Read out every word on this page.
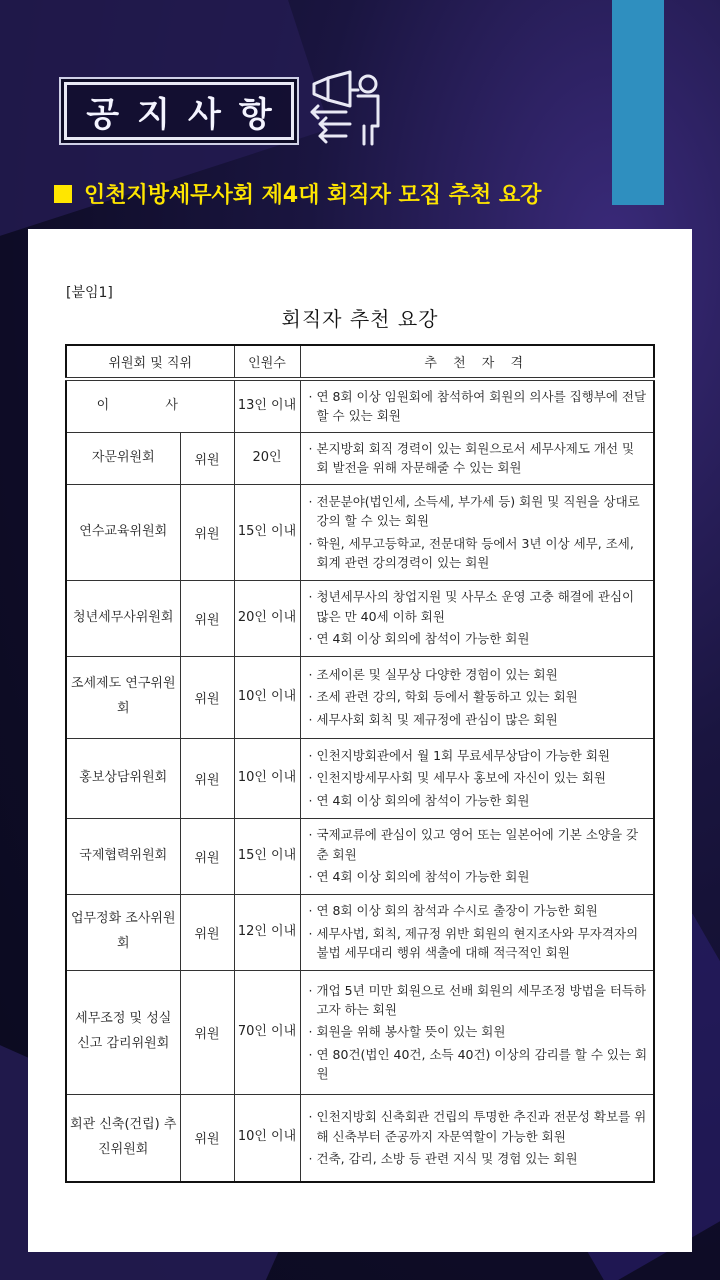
공지사항
인천지방세무사회 제4대 회직자 모집 추천 요강
[붙임1]
회직자 추천 요강
위원회 및 직위		인원수	추 천 자 격
이 사		13인 이내	· 연 8회 이상 임원회에 참석하여 회원의 의사를 집행부에 전달할 수 있는 회원

자문위원회	위원	20인	· 본지방회 회직 경력이 있는 회원으로서 세무사제도 개선 및 회 발전을 위해 자문해줄 수 있는 회원

연수교육위원회	위원	15인 이내	· 전문분야(법인세, 소득세, 부가세 등) 회원 및 직원을 상대로 강의 할 수 있는 회원
· 학원, 세무고등학교, 전문대학 등에서 3년 이상 세무, 조세, 회계 관련 강의경력이 있는 회원

청년세무사위원회	위원	20인 이내	· 청년세무사의 창업지원 및 사무소 운영 고충 해결에 관심이 많은 만 40세 이하 회원
· 연 4회 이상 회의에 참석이 가능한 회원

조세제도 연구위원회	위원	10인 이내	· 조세이론 및 실무상 다양한 경험이 있는 회원
· 조세 관련 강의, 학회 등에서 활동하고 있는 회원
· 세무사회 회칙 및 제규정에 관심이 많은 회원

홍보상담위원회	위원	10인 이내	· 인천지방회관에서 월 1회 무료세무상담이 가능한 회원
· 인천지방세무사회 및 세무사 홍보에 자신이 있는 회원
· 연 4회 이상 회의에 참석이 가능한 회원

국제협력위원회	위원	15인 이내	· 국제교류에 관심이 있고 영어 또는 일본어에 기본 소양을 갖춘 회원
· 연 4회 이상 회의에 참석이 가능한 회원

업무정화 조사위원회	위원	12인 이내	· 연 8회 이상 회의 참석과 수시로 출장이 가능한 회원
· 세무사법, 회칙, 제규정 위반 회원의 현지조사와 무자격자의 불법 세무대리 행위 색출에 대해 적극적인 회원

세무조정 및 성실 신고 감리위원회	위원	70인 이내	· 개업 5년 미만 회원으로 선배 회원의 세무조정 방법을 터득하고자 하는 회원
· 회원을 위해 봉사할 뜻이 있는 회원
· 연 80건(법인 40건, 소득 40건) 이상의 감리를 할 수 있는 회원

회관 신축(건립) 추진위원회	위원	10인 이내	· 인천지방회 신축회관 건립의 투명한 추진과 전문성 확보를 위해 신축부터 준공까지 자문역할이 가능한 회원
· 건축, 감리, 소방 등 관련 지식 및 경험 있는 회원
